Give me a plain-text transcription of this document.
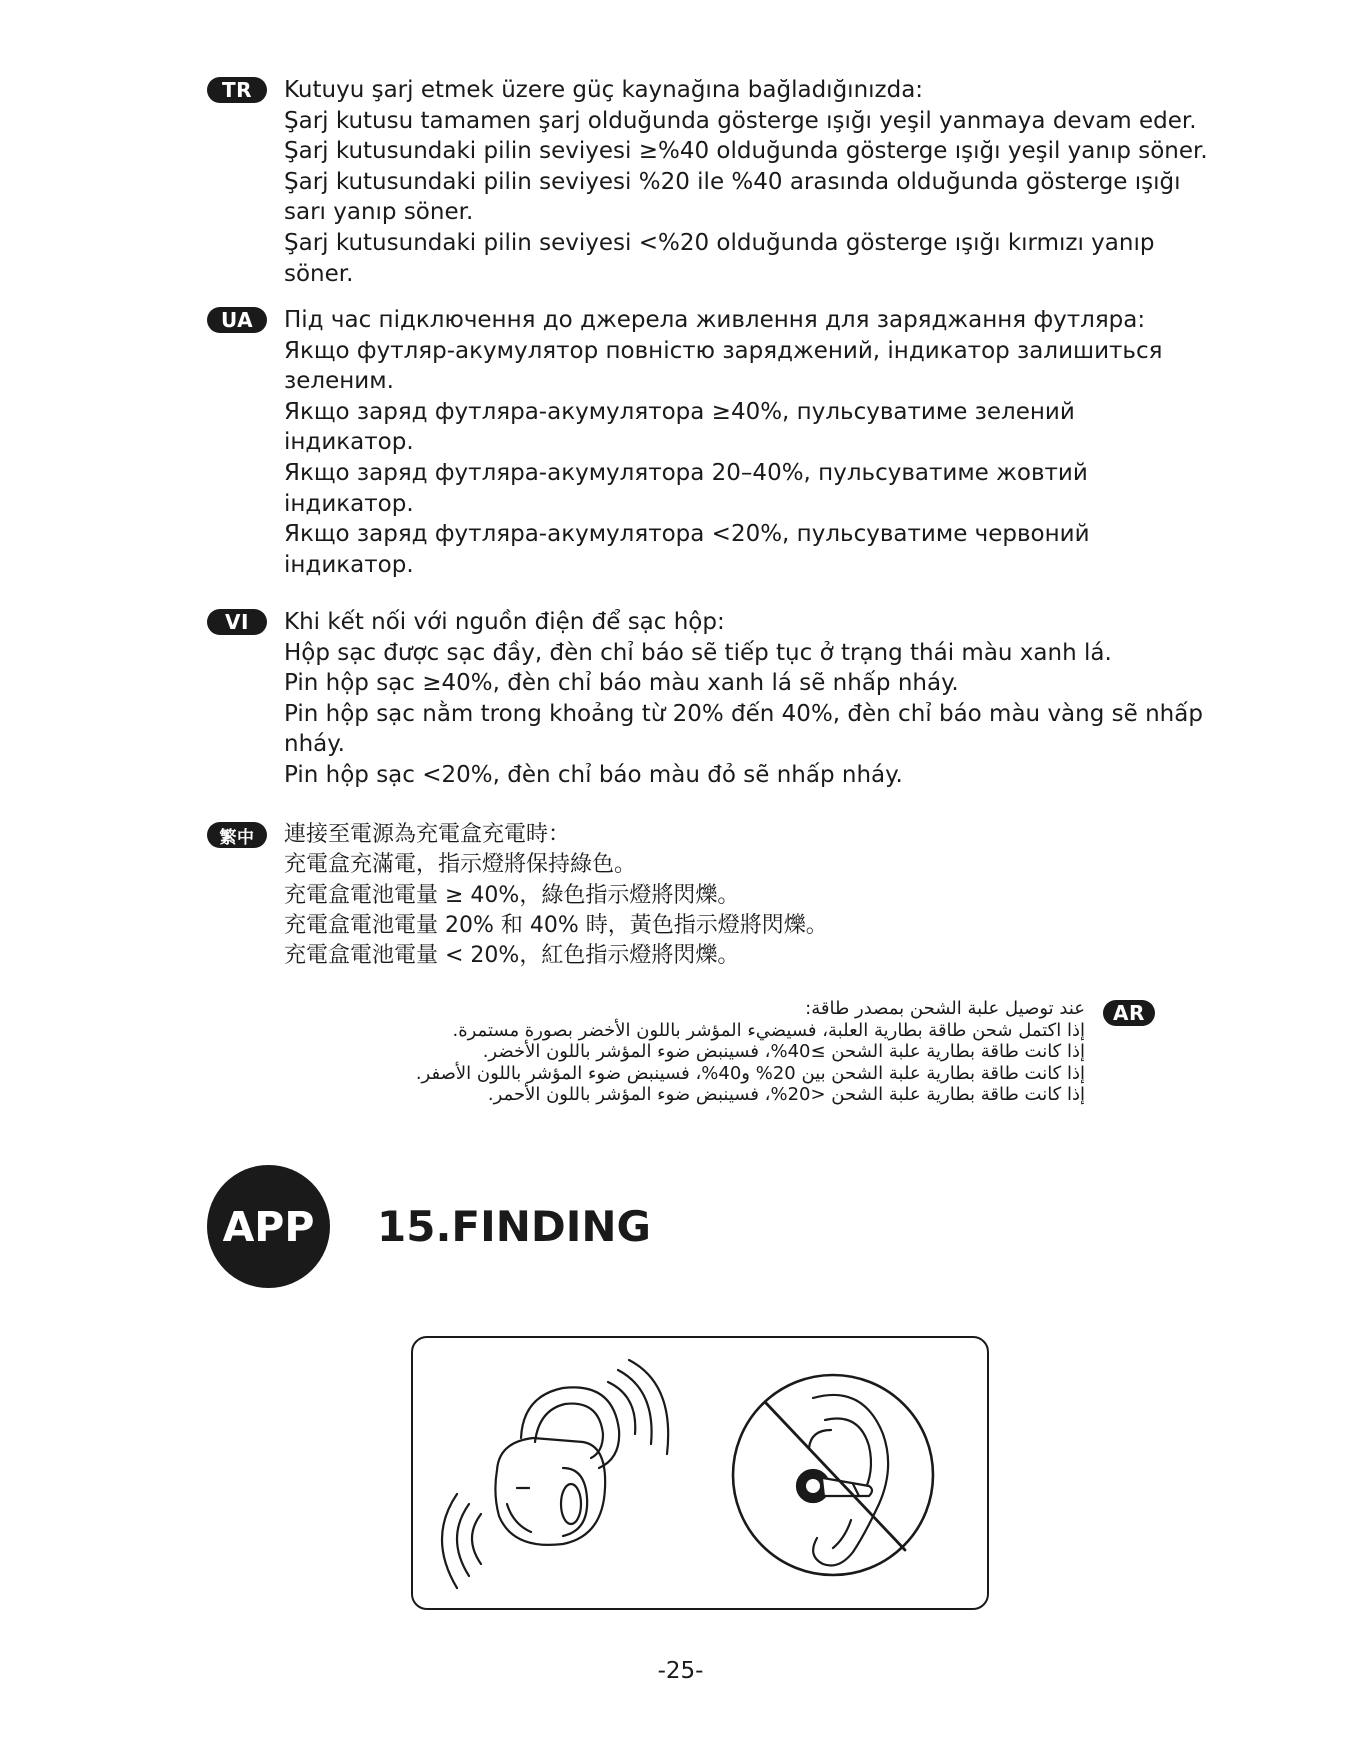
TR	Kutuyu şarj etmek üzere güç kaynağına bağladığınızda:
Şarj kutusu tamamen şarj olduğunda gösterge ışığı yeşil yanmaya devam eder.
Şarj kutusundaki pilin seviyesi ≥%40 olduğunda gösterge ışığı yeşil yanıp söner.
Şarj kutusundaki pilin seviyesi %20 ile %40 arasında olduğunda gösterge ışığı
sarı yanıp söner.
Şarj kutusundaki pilin seviyesi <%20 olduğunda gösterge ışığı kırmızı yanıp
söner.
UA	Під час підключення до джерела живлення для заряджання футляра:
Якщо футляр-акумулятор повністю заряджений, індикатор залишиться
зеленим.
Якщо заряд футляра-акумулятора ≥40%, пульсуватиме зелений
індикатор.
Якщо заряд футляра-акумулятора 20–40%, пульсуватиме жовтий
індикатор.
Якщо заряд футляра-акумулятора <20%, пульсуватиме червоний
індикатор.
VI	Khi kết nối với nguồn điện để sạc hộp:
Hộp sạc được sạc đầy, đèn chỉ báo sẽ tiếp tục ở trạng thái màu xanh lá.
Pin hộp sạc ≥40%, đèn chỉ báo màu xanh lá sẽ nhấp nháy.
Pin hộp sạc nằm trong khoảng từ 20% đến 40%, đèn chỉ báo màu vàng sẽ nhấp
nháy.
Pin hộp sạc <20%, đèn chỉ báo màu đỏ sẽ nhấp nháy.
繁中	連接至電源為充電盒充電時：
充電盒充滿電，指示燈將保持綠色。
充電盒電池電量 ≥ 40%，綠色指示燈將閃爍。
充電盒電池電量 20% 和 40% 時，黃色指示燈將閃爍。
充電盒電池電量 < 20%，紅色指示燈將閃爍。
AR
عند توصيل علبة الشحن بمصدر طاقة:
إذا اكتمل شحن طاقة بطارية العلبة، فسيضيء المؤشر باللون الأخضر بصورة مستمرة.
إذا كانت طاقة بطارية علبة الشحن ≥40%، فسينبض ضوء المؤشر باللون الأخضر.
إذا كانت طاقة بطارية علبة الشحن بين 20% و40%، فسينبض ضوء المؤشر باللون الأصفر.
إذا كانت طاقة بطارية علبة الشحن <20%، فسينبض ضوء المؤشر باللون الأحمر.
APP	15.FINDING
-25-
